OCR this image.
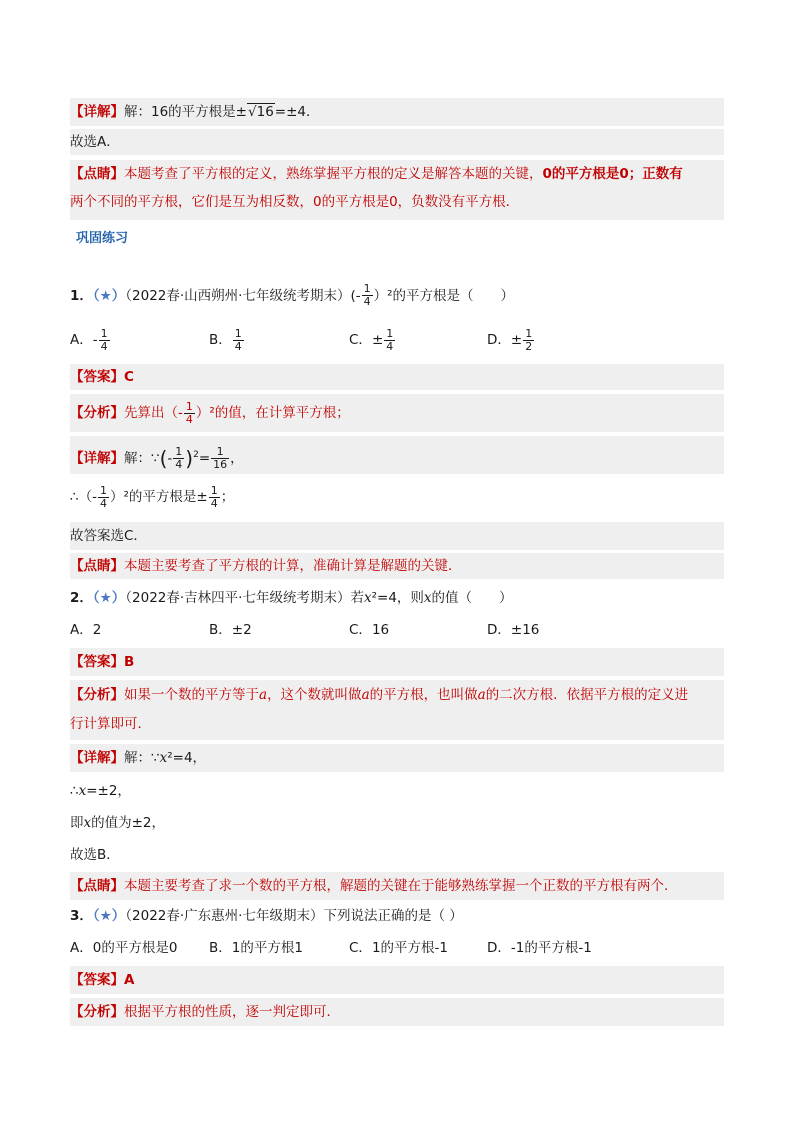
【详解】解：16的平方根是±√16=±4．
故选A．
【点睛】本题考查了平方根的定义，熟练掌握平方根的定义是解答本题的关键，0的平方根是0；正数有
两个不同的平方根，它们是互为相反数，0的平方根是0，负数没有平方根．
巩固练习
1．（★）（2022春·山西朔州·七年级统考期末）(- $\frac{1}{4} )^2$的平方根是（　　）
A．- $\frac{1}{4}$	B． $\frac{1}{4}$	C．± $\frac{1}{4}$	D．± $\frac{1}{2}$
【答案】C
【分析】先算出（- $\frac{1}{4} )^2$的值，在计算平方根；
【详解】解：∵(- $\frac{1}{4} )^2= \frac{1}{16}$ ，
∴（- $\frac{1}{4} )^2$的平方根是± $\frac{1}{4}$ ；
故答案选C．
【点睛】本题主要考查了平方根的计算，准确计算是解题的关键．
2．（★）（2022春·吉林四平·七年级统考期末）若x²=4，则x的值（　　）
A．2	B．±2	C．16	D．±16
【答案】B
【分析】如果一个数的平方等于a，这个数就叫做a的平方根，也叫做a的二次方根．依据平方根的定义进
行计算即可．
【详解】解：∵x²=4，
∴x=±2，
即x的值为±2，
故选B．
【点睛】本题主要考查了求一个数的平方根，解题的关键在于能够熟练掌握一个正数的平方根有两个.
3．（★）（2022春·广东惠州·七年级期末）下列说法正确的是（ ）
A．0的平方根是0 B．1的平方根1	C．1的平方根-1	D．-1的平方根-1
【答案】A
【分析】根据平方根的性质，逐一判定即可．
